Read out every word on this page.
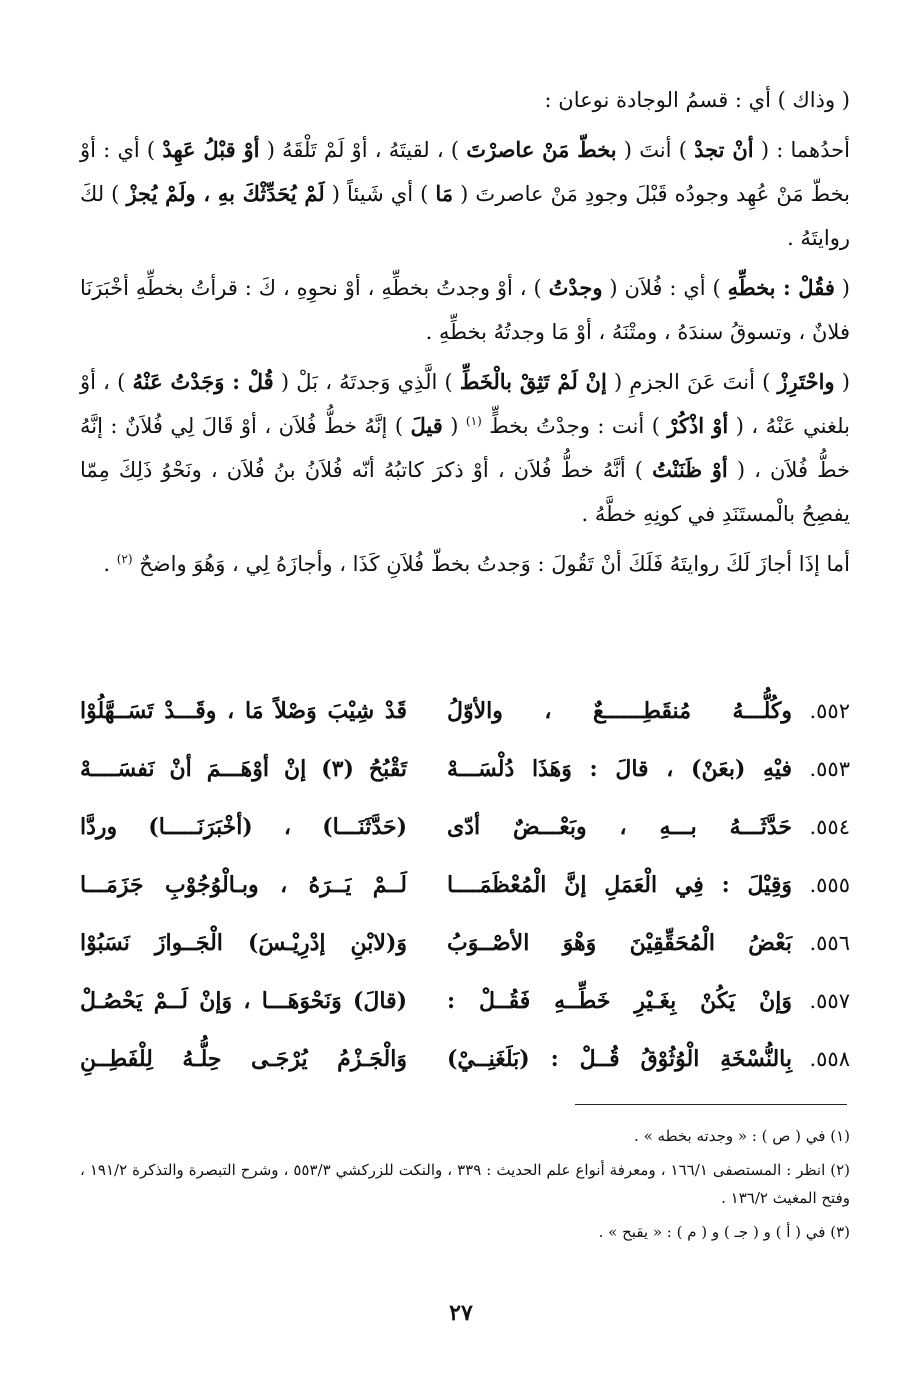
( وذاك ) أي : قسمُ الوجادة نوعان :

أحدُهما : ( أنْ تجدْ ) أنتَ ( بخطّ مَنْ عاصرْتَ ) ، لقيتَهُ ، أوْ لَمْ تَلْقَهُ ( أوْ قبْلُ عَهِدْ ) أي : أوْ بخطّ مَنْ عُهِد وجودُه قَبْلَ وجودِ مَنْ عاصرتَ ( مَا ) أي شَيئاً ( لَمْ يُحَدِّثْكَ بهِ ، ولَمْ يُجزْ ) لكَ روايتَهُ .

( فقُلْ : بخطِّهِ ) أي : فُلاَن ( وجدْتُ ) ، أوْ وجدتُ بخطِّهِ ، أوْ نحوِهِ ، كَ : قرأتُ بخطِّهِ أخْبَرَنَا فلانٌ ، وتسوقُ سندَهُ ، ومتْنَهُ ، أوْ مَا وجدتُهُ بخطِّهِ .

( واحْتَرِزْ ) أنتَ عَنَ الجزمِ ( إنْ لَمْ تَثِقْ بالْخَطِّ ) الَّذِي وَجدتَهُ ، بَلْ ( قُلْ : وَجَدْتُ عَنْهُ ) ، أوْ بلغني عَنْهُ ، ( أوْ اذْكُرْ ) أنت : وجدْتُ بخطٍّ $^{(١)}$ ( قيلَ ) إنَّهُ خطُّ فُلاَن ، أوْ قَالَ لِي فُلاَنٌ : إنَّهُ خطُّ فُلاَن ، ( أوْ ظَنَنْتُ ) أنَّهُ خطُّ فُلاَن ، أوْ ذكرَ كاتبُهُ أنّه فُلاَنُ بنُ فُلاَن ، ونَحْوُ ذَلِكَ مِمّا يفصِحُ بالْمستَنَدِ في كونِهِ خطَّهُ .

أما إذَا أجازَ لَكَ روايتَهُ فَلَكَ أنْ تَقُولَ : وَجدتُ بخطّ فُلاَنِ كَذَا ، وأجازَهُ لِي ، وَهُوَ واضحٌ $^{(٢)}$ .

٥٥٢.
وكُلُّـــهُ مُنقَطِــــــعٌ ، والأوّلُ
قَدْ شِيْبَ وَصْلاً مَا ، وقَـــدْ تَسَــهَّلُوْا
٥٥٣.
فيْهِ (بعَنْ) ، قالَ : وَهَذَا دُلْسَـــهْ
تَقْبُحُ (٣) إنْ أوْهَـــمَ أنْ نَفسَــــهْ
٥٥٤.
حَدَّثَـــهُ بـــهِ ، وبَعْـــضٌ أدّى
(حَدَّثَنَـــا) ، (أخْبَرَنَـــــا) وردَّا
٥٥٥.
وَقِيْلَ : فِي الْعَمَلِ إنَّ الْمُعْظَمَــــا
لَــمْ يَــرَهُ ، وبـالْوُجُوْبِ جَزَمَـــا
٥٥٦.
بَعْضُ الْمُحَقِّقِيْنَ وَهْوَ الأصْــوَبُ
وَ(لابْنِ إدْرِيْـسَ) الْجَــوازَ نَسَبُوْا
٥٥٧.
وَإنْ يَكُنْ بِغَـيْرِ خَطِّــهِ فَقُــلْ :
(قالَ) وَنَحْوَهَـــا ، وَإنْ لَــمْ يَحْصُـلْ
٥٥٨.
بِالنُّسْخَةِ الْوُثُوْقُ قُــلْ : (بَلَغَنِــيْ)
وَالْجَـزْمُ يُرْجَـى حِلُّـهُ لِلْفَطِــنِ

(١) في ( ص ) : « وجدته بخطه » .

(٢) انظر : المستصفى ١٦٦/١ ، ومعرفة أنواع علم الحديث : ٣٣٩ ، والنكت للزركشي ٥٥٣/٣ ، وشرح التبصرة والتذكرة ١٩١/٢ ، وفتح المغيث ١٣٦/٢ .

(٣) في ( أ ) و ( جـ ) و ( م ) : « يقبح » .

٢٧
